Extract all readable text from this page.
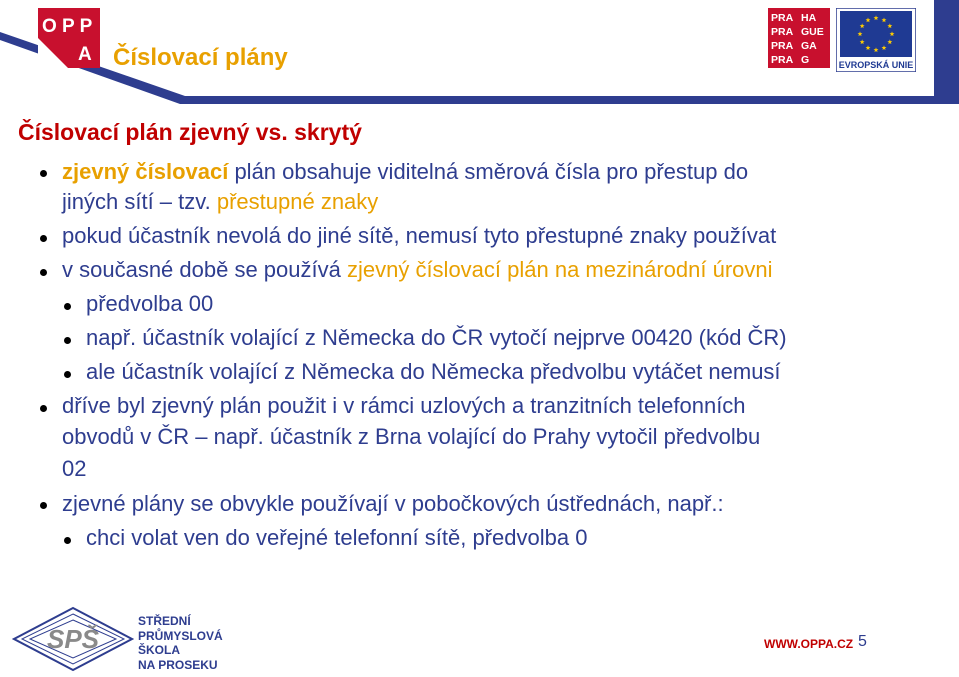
O P P
A Číslovací plány
PRA HA
PRA GUE
PRA GA
PRA G	EVROPSKÁ UNIE
Číslovací plán zjevný vs. skrytý
zjevný číslovací plán obsahuje viditelná směrová čísla pro přestup do
jiných sítí – tzv. přestupné znaky
pokud účastník nevolá do jiné sítě, nemusí tyto přestupné znaky používat
v současné době se používá zjevný číslovací plán na mezinárodní úrovni
předvolba 00
např. účastník volající z Německa do ČR vytočí nejprve 00420 (kód ČR)
ale účastník volající z Německa do Německa předvolbu vytáčet nemusí
dříve byl zjevný plán použit i v rámci uzlových a tranzitních telefonních
obvodů v ČR – např. účastník z Brna volající do Prahy vytočil předvolbu
02
zjevné plány se obvykle používají v pobočkových ústřednách, např.:
chci volat ven do veřejné telefonní sítě, předvolba 0
SPŠ
STŘEDNÍ
PRŮMYSLOVÁ
ŠKOLA
NA PROSEKU
WWW.OPPA.CZ 5
